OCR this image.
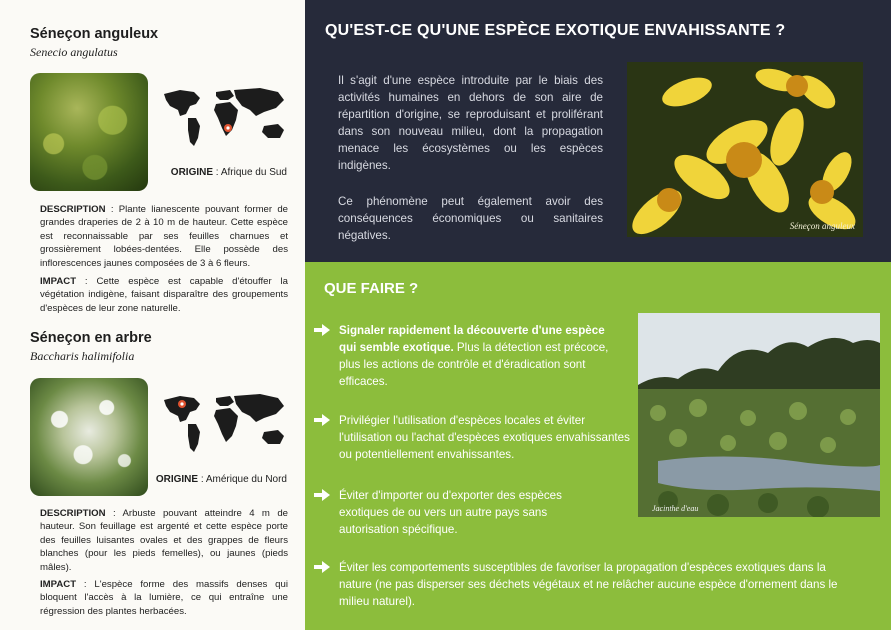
Séneçon anguleux

Senecio angulatus

ORIGINE : Afrique du Sud
DESCRIPTION : Plante lianescente pouvant former de grandes draperies de 2 à 10 m de hauteur. Cette espèce est reconnaissable par ses feuilles charnues et grossièrement lobées-dentées. Elle possède des inflorescences jaunes composées de 3 à 6 fleurs.
IMPACT : Cette espèce est capable d'étouffer la végétation indigène, faisant disparaître des groupements d'espèces de leur zone naturelle.

Séneçon en arbre

Baccharis halimifolia

ORIGINE : Amérique du Nord
DESCRIPTION : Arbuste pouvant atteindre 4 m de hauteur. Son feuillage est argenté et cette espèce porte des feuilles luisantes ovales et des grappes de fleurs blanches (pour les pieds femelles), ou jaunes (pieds mâles).
IMPACT : L'espèce forme des massifs denses qui bloquent l'accès à la lumière, ce qui entraîne une régression des plantes herbacées.
QU'EST-CE QU'UNE ESPÈCE EXOTIQUE ENVAHISSANTE ?

Il s'agit d'une espèce introduite par le biais des activités humaines en dehors de son aire de répartition d'origine, se reproduisant et proliférant dans son nouveau milieu, dont la propagation menace les écosystèmes ou les espèces indigènes.

Ce phénomène peut également avoir des conséquences économiques ou sanitaires négatives.

Séneçon anguleux
QUE FAIRE ?
Signaler rapidement la découverte d'une espèce qui semble exotique. Plus la détection est précoce, plus les actions de contrôle et d'éradication sont efficaces.
Privilégier l'utilisation d'espèces locales et éviter l'utilisation ou l'achat d'espèces exotiques envahissantes ou potentiellement envahissantes.
Éviter d'importer ou d'exporter des espèces exotiques de ou vers un autre pays sans autorisation spécifique.
Éviter les comportements susceptibles de favoriser la propagation d'espèces exotiques dans la nature (ne pas disperser ses déchets végétaux et ne relâcher aucune espèce d'ornement dans le milieu naturel).
Jacinthe d'eau
